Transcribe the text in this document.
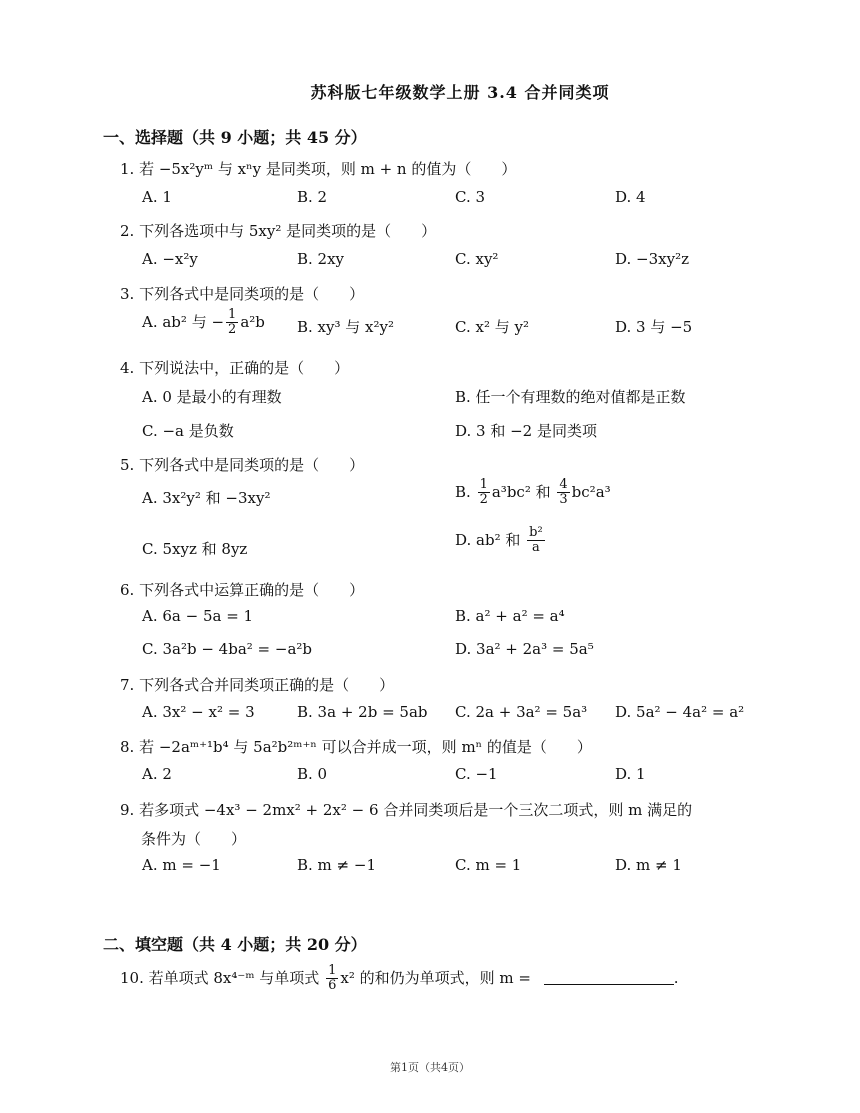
苏科版七年级数学上册 3.4 合并同类项
一、选择题（共 9 小题；共 45 分）
1. 若 −5x²yᵐ 与 xⁿy 是同类项，则 m + n 的值为（　　）
A. 1	B. 2	C. 3	D. 4
2. 下列各选项中与 5xy² 是同类项的是（　　）
A. −x²y	B. 2xy	C. xy²	D. −3xy²z
3. 下列各式中是同类项的是（　　）
A. ab² 与 − $\frac{1}{2} a^2b$ B. xy³ 与 x²y²	C. x² 与 y²	D. 3 与 −5
4. 下列说法中，正确的是（　　）
A. 0 是最小的有理数	B. 任一个有理数的绝对值都是正数
C. −a 是负数	D. 3 和 −2 是同类项
5. 下列各式中是同类项的是（　　）
A. 3x²y² 和 −3xy²	B. $\frac{1}{2} a^3bc^2$ 和 $\frac{4}{3} bc^2a^3$
C. 5xyz 和 8yz
D. ab² 和 $\frac{\text{b²}}{a}$
6. 下列各式中运算正确的是（　　）
A. 6a − 5a = 1	B. a² + a² = a⁴
C. 3a²b − 4ba² = −a²b	D. 3a² + 2a³ = 5a⁵
7. 下列各式合并同类项正确的是（　　）
A. 3x² − x² = 3	B. 3a + 2b = 5ab C. 2a + 3a² = 5a³ D. 5a² − 4a² = a²
8. 若 −2aᵐ⁺¹b⁴ 与 5a²b²ᵐ⁺ⁿ 可以合并成一项，则 mⁿ 的值是（　　）
A. 2	B. 0	C. −1	D. 1
9. 若多项式 −4x³ − 2mx² + 2x² − 6 合并同类项后是一个三次二项式，则 m 满足的
条件为（　　）
A. m = −1	B. m ≠ −1	C. m = 1	D. m ≠ 1
二、填空题（共 4 小题；共 20 分）
10. 若单项式 8x⁴⁻ᵐ 与单项式 $\frac{1}{6} x^2$ 的和仍为单项式，则 m =	.
第1页（共4页）
